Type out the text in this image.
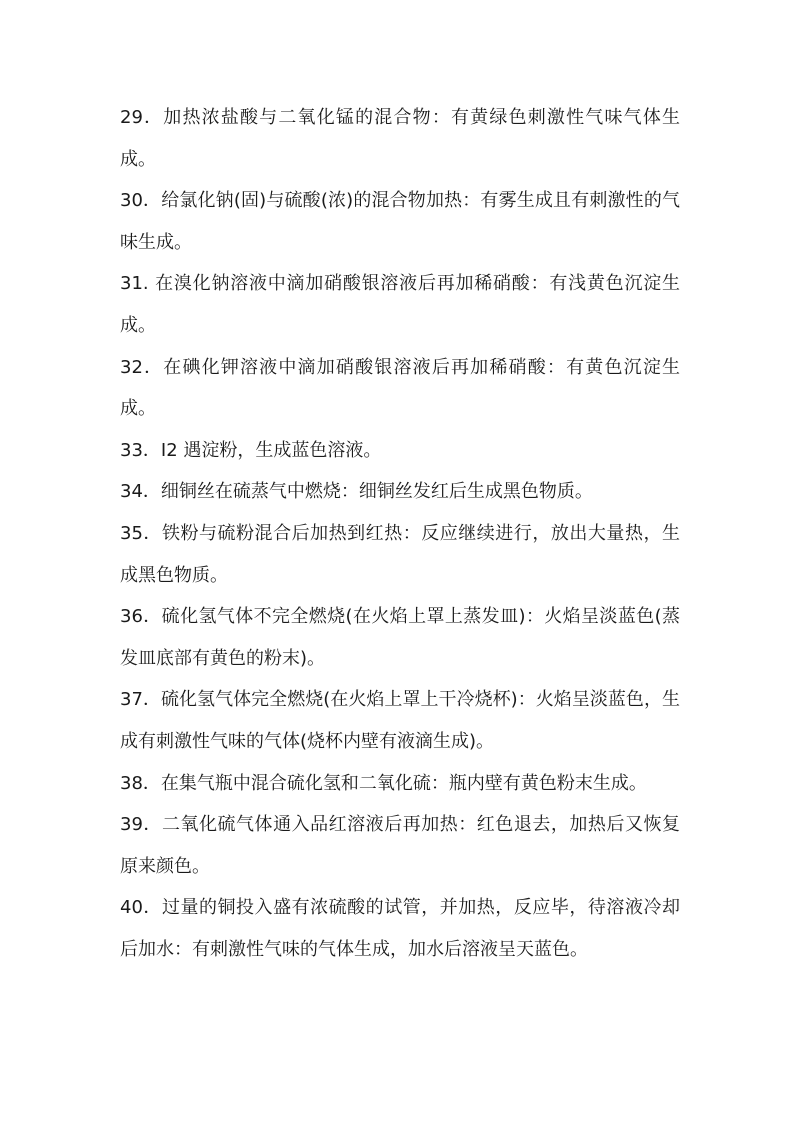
29．加热浓盐酸与二氧化锰的混合物：有黄绿色刺激性气味气体生成。

30．给氯化钠(固)与硫酸(浓)的混合物加热：有雾生成且有刺激性的气味生成。

31. 在溴化钠溶液中滴加硝酸银溶液后再加稀硝酸：有浅黄色沉淀生成。

32．在碘化钾溶液中滴加硝酸银溶液后再加稀硝酸：有黄色沉淀生成。

33．I2 遇淀粉，生成蓝色溶液。

34．细铜丝在硫蒸气中燃烧：细铜丝发红后生成黑色物质。

35．铁粉与硫粉混合后加热到红热：反应继续进行，放出大量热，生成黑色物质。

36．硫化氢气体不完全燃烧(在火焰上罩上蒸发皿)：火焰呈淡蓝色(蒸发皿底部有黄色的粉末)。

37．硫化氢气体完全燃烧(在火焰上罩上干冷烧杯)：火焰呈淡蓝色，生成有刺激性气味的气体(烧杯内壁有液滴生成)。

38．在集气瓶中混合硫化氢和二氧化硫：瓶内壁有黄色粉末生成。

39．二氧化硫气体通入品红溶液后再加热：红色退去，加热后又恢复原来颜色。

40．过量的铜投入盛有浓硫酸的试管，并加热，反应毕，待溶液冷却后加水：有刺激性气味的气体生成，加水后溶液呈天蓝色。
